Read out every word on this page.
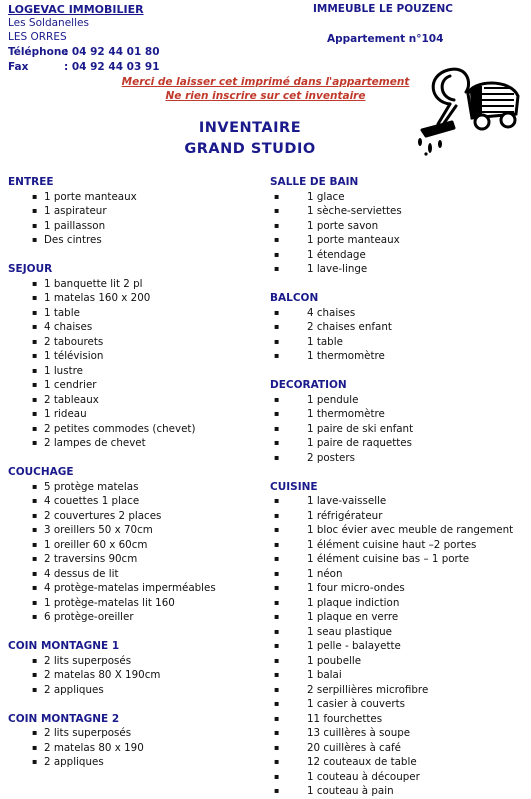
LOGEVAC IMMOBILIER
Les Soldanelles
LES ORRES
Téléphone: 04 92 44 01 80
Fax	: 04 92 44 03 91
IMMEUBLE LE POUZENC
Appartement n°104
Merci de laisser cet imprimé dans l'appartement
Ne rien inscrire sur cet inventaire
INVENTAIRE
GRAND STUDIO
ENTREE
▪ 1 porte manteaux
▪ 1 aspirateur
▪ 1 paillasson
▪ Des cintres
SEJOUR
▪ 1 banquette lit 2 pl
▪ 1 matelas 160 x 200
▪ 1 table
▪ 4 chaises
▪ 2 tabourets
▪ 1 télévision
▪ 1 lustre
▪ 1 cendrier
▪ 2 tableaux
▪ 1 rideau
▪ 2 petites commodes (chevet)
▪ 2 lampes de chevet
COUCHAGE
▪ 5 protège matelas
▪ 4 couettes 1 place
▪ 2 couvertures 2 places
▪ 3 oreillers 50 x 70cm
▪ 1 oreiller 60 x 60cm
▪ 2 traversins 90cm
▪ 4 dessus de lit
▪ 4 protège-matelas imperméables
▪ 1 protège-matelas lit 160
▪ 6 protège-oreiller
COIN MONTAGNE 1
▪ 2 lits superposés
▪ 2 matelas 80 X 190cm
▪ 2 appliques
COIN MONTAGNE 2
▪ 2 lits superposés
▪ 2 matelas 80 x 190
▪ 2 appliques
SALLE DE BAIN
▪ 1 glace
▪ 1 sèche-serviettes
▪ 1 porte savon
▪ 1 porte manteaux
▪ 1 étendage
▪ 1 lave-linge
BALCON
▪ 4 chaises
▪ 2 chaises enfant
▪ 1 table
▪ 1 thermomètre
DECORATION
▪ 1 pendule
▪ 1 thermomètre
▪ 1 paire de ski enfant
▪ 1 paire de raquettes
▪ 2 posters
CUISINE
▪ 1 lave-vaisselle
▪ 1 réfrigérateur
▪ 1 bloc évier avec meuble de rangement
▪ 1 élément cuisine haut –2 portes
▪ 1 élément cuisine bas – 1 porte
▪ 1 néon
▪ 1 four micro-ondes
▪ 1 plaque indiction
▪ 1 plaque en verre
▪ 1 seau plastique
▪ 1 pelle - balayette
▪ 1 poubelle
▪ 1 balai
▪ 2 serpillières microfibre
▪ 1 casier à couverts
▪ 11 fourchettes
▪ 13 cuillères à soupe
▪ 20 cuillères à café
▪ 12 couteaux de table
▪ 1 couteau à découper
▪ 1 couteau à pain
